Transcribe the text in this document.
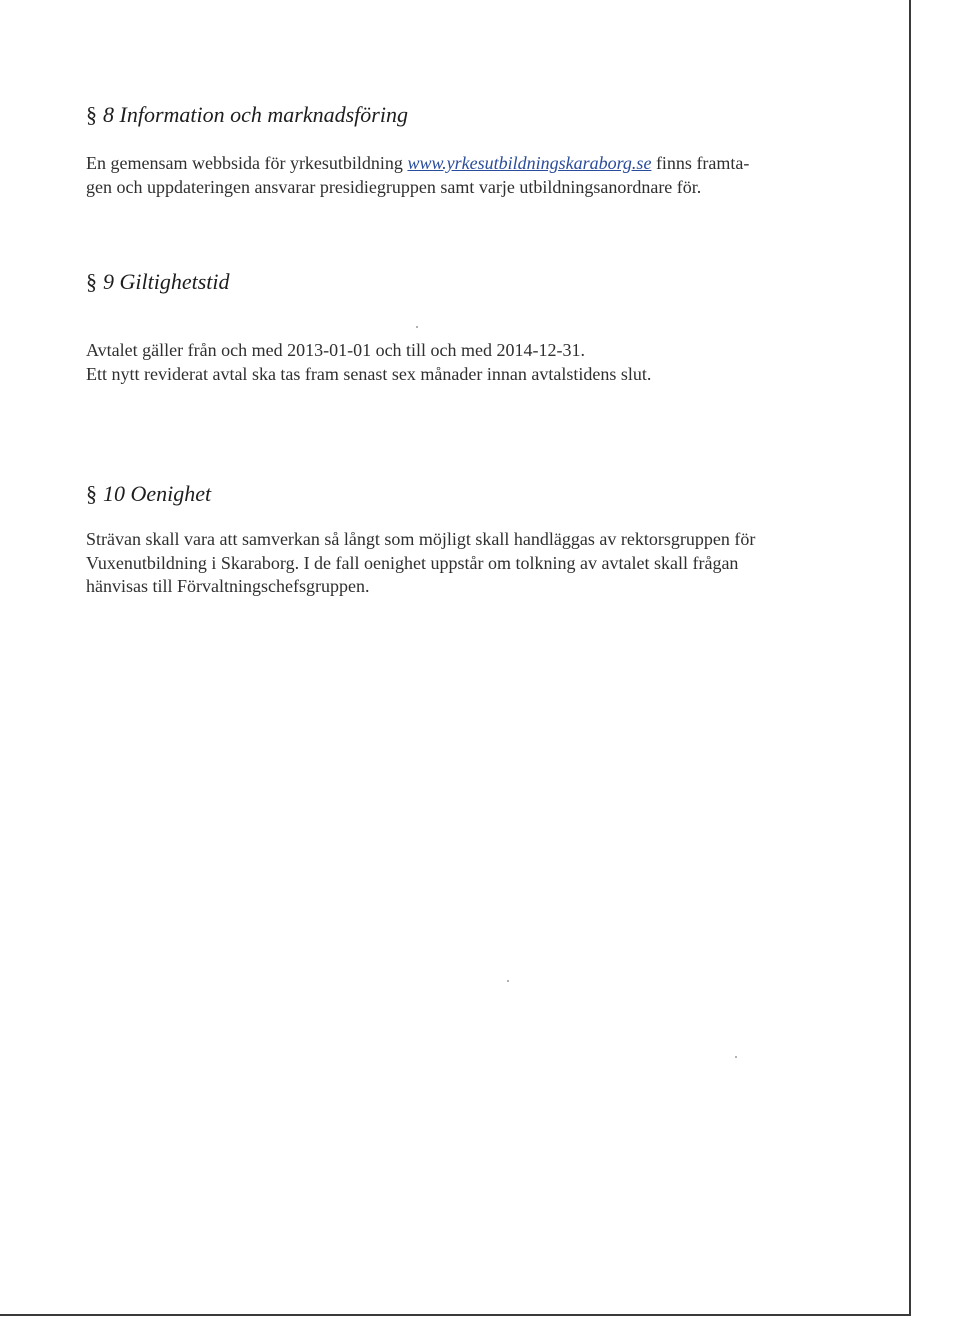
§ 8 Information och marknadsföring
En gemensam webbsida för yrkesutbildning www.yrkesutbildningskaraborg.se finns framta-
gen och uppdateringen ansvarar presidiegruppen samt varje utbildningsanordnare för.
§ 9 Giltighetstid
Avtalet gäller från och med 2013-01-01 och till och med 2014-12-31.
Ett nytt reviderat avtal ska tas fram senast sex månader innan avtalstidens slut.
§ 10 Oenighet
Strävan skall vara att samverkan så långt som möjligt skall handläggas av rektorsgruppen för
Vuxenutbildning i Skaraborg. I de fall oenighet uppstår om tolkning av avtalet skall frågan
hänvisas till Förvaltningschefsgruppen.
